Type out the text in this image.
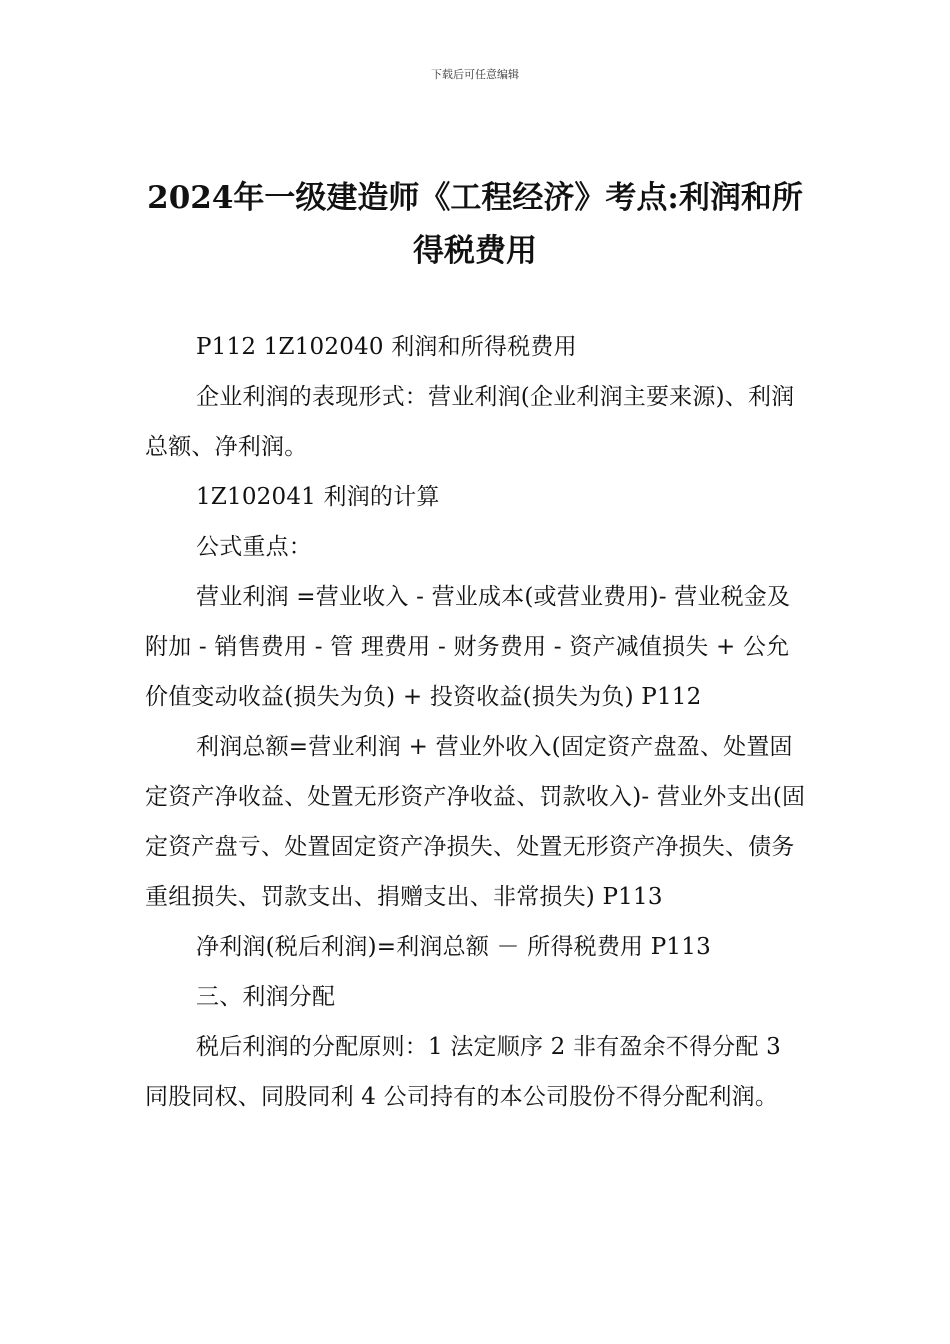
下载后可任意编辑
2024年一级建造师《工程经济》考点:利润和所得税费用

P112 1Z102040 利润和所得税费用

企业利润的表现形式：营业利润(企业利润主要来源)、利润总额、净利润。

1Z102041 利润的计算

公式重点：

营业利润 =营业收入 - 营业成本(或营业费用)- 营业税金及附加 - 销售费用 - 管 理费用 - 财务费用 - 资产减值损失 + 公允价值变动收益(损失为负) + 投资收益(损失为负) P112

利润总额=营业利润 + 营业外收入(固定资产盘盈、处置固定资产净收益、处置无形资产净收益、罚款收入)- 营业外支出(固定资产盘亏、处置固定资产净损失、处置无形资产净损失、债务重组损失、罚款支出、捐赠支出、非常损失) P113

净利润(税后利润)=利润总额 － 所得税费用 P113

三、利润分配

税后利润的分配原则：1 法定顺序 2 非有盈余不得分配 3 同股同权、同股同利 4 公司持有的本公司股份不得分配利润。
